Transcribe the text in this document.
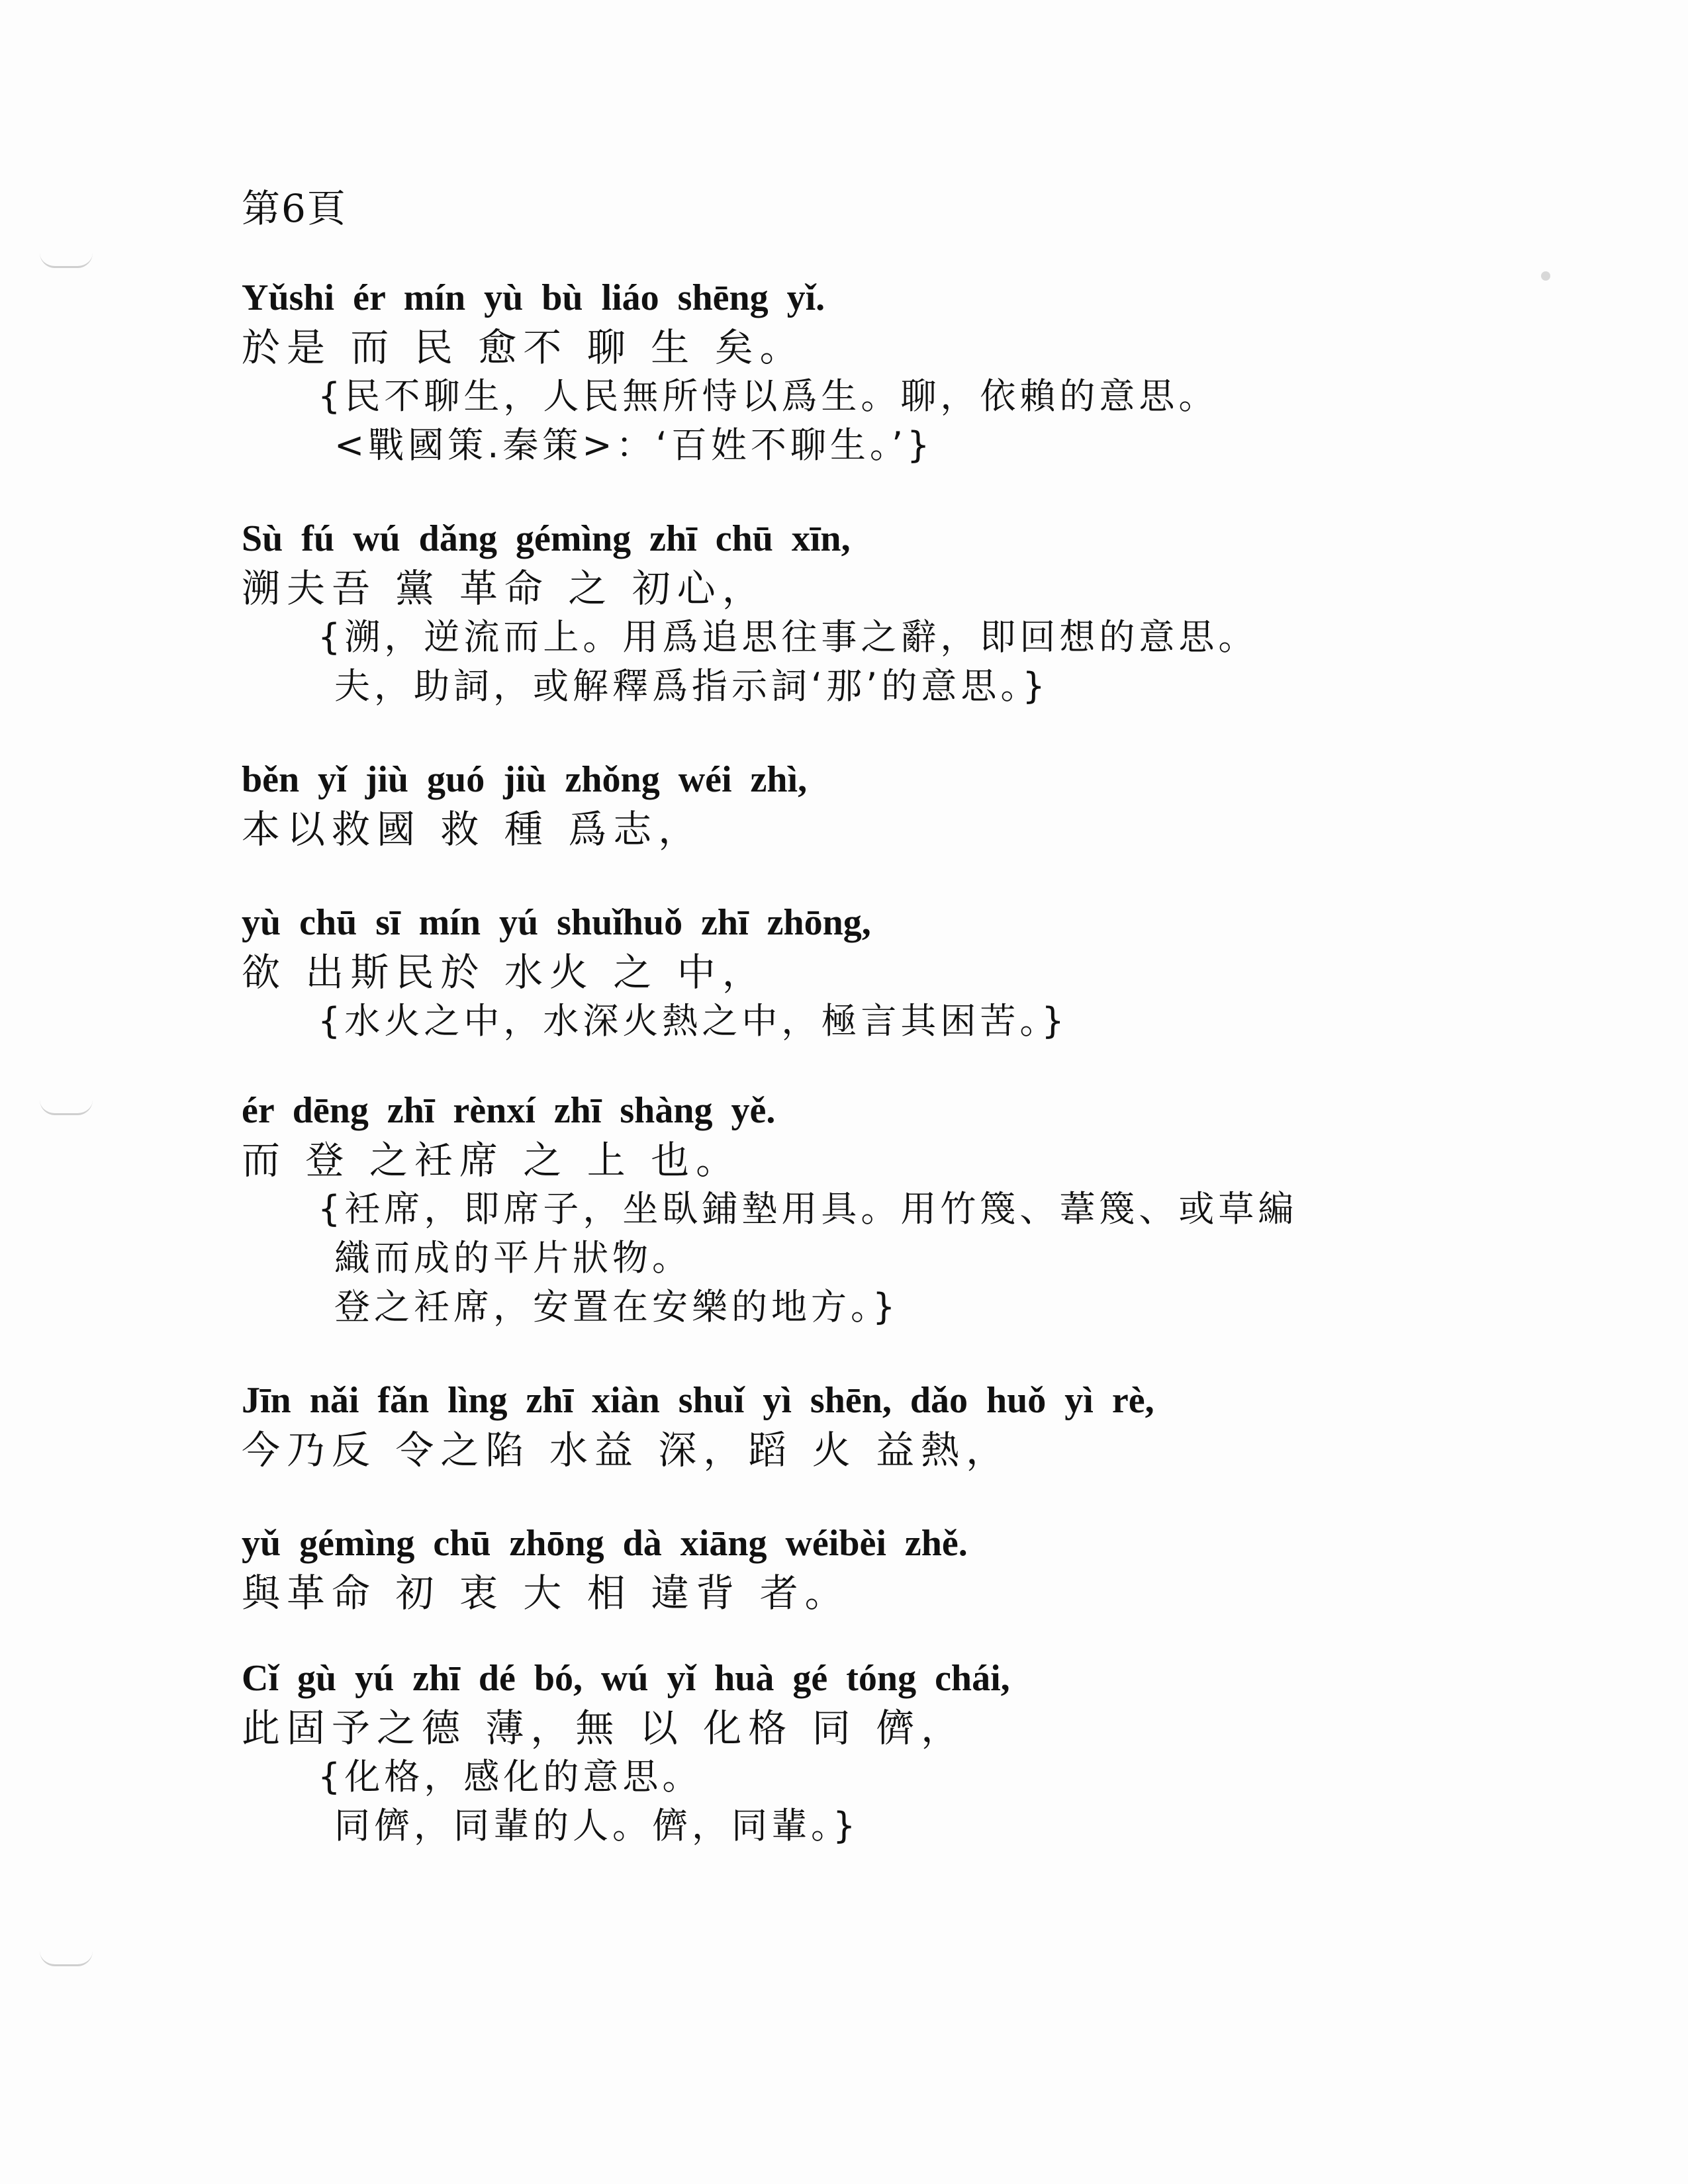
第6頁
Yǔshi ér mín yù bù liáo shēng yǐ.
於是 而 民 愈不 聊 生 矣。
{民不聊生，人民無所恃以爲生。聊，依賴的意思。
<戰國策.秦策>：‘百姓不聊生。’}
Sù fú wú dǎng gémìng zhī chū xīn,
溯夫吾 黨 革命 之 初心，
{溯，逆流而上。用爲追思往事之辭，即回想的意思。
夫，助詞，或解釋爲指示詞‘那’的意思。}
běn yǐ jiù guó jiù zhǒng wéi zhì,
本以救國 救 種 爲志，
yù chū sī mín yú shuǐhuǒ zhī zhōng,
欲 出斯民於 水火 之 中，
{水火之中，水深火熱之中，極言其困苦。}
ér dēng zhī rènxí zhī shàng yě.
而 登 之衽席 之 上 也。
{衽席，即席子，坐臥鋪墊用具。用竹篾、葦篾、或草編
織而成的平片狀物。
登之衽席，安置在安樂的地方。}
Jīn nǎi fǎn lìng zhī xiàn shuǐ yì shēn, dǎo huǒ yì rè,
今乃反 令之陷 水益 深，蹈 火 益熱，
yǔ gémìng chū zhōng dà xiāng wéibèi zhě.
與革命 初 衷 大 相 違背 者。
Cǐ gù yú zhī dé bó, wú yǐ huà gé tóng chái,
此固予之德 薄，無 以 化格 同 儕，
{化格，感化的意思。
同儕，同輩的人。儕，同輩。}
